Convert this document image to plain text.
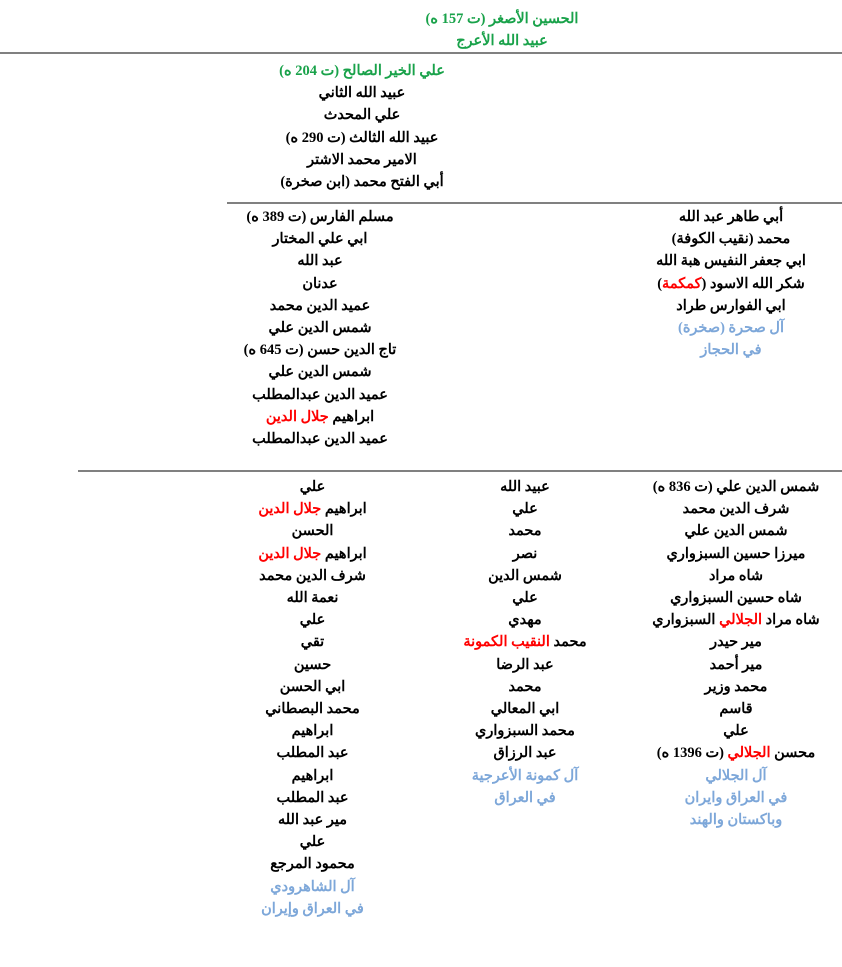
الحسين الأصغر (ت 157 ه)
عبيد الله الأعرج
علي الخير الصالح (ت 204 ه)
عبيد الله الثاني
علي المحدث
عبيد الله الثالث (ت 290 ه)
الامير محمد الاشتر
أبي الفتح محمد (ابن صخرة)
أبي طاهر عبد الله
محمد (نقيب الكوفة)
ابي جعفر النفيس هبة الله
شكر الله الاسود (كمكمة)
ابي الفوارس طراد
آل صحرة (صخرة)
في الحجاز
مسلم الفارس (ت 389 ه)
ابي علي المختار
عبد الله
عدنان
عميد الدين محمد
شمس الدين علي
تاج الدين حسن (ت 645 ه)
شمس الدين علي
عميد الدين عبدالمطلب
ابراهيم جلال الدين
عميد الدين عبدالمطلب
شمس الدين علي (ت 836 ه)
شرف الدين محمد
شمس الدين علي
ميرزا حسين السبزواري
شاه مراد
شاه حسين السبزواري
شاه مراد الجلالي السبزواري
مير حيدر
مير أحمد
محمد وزير
قاسم
علي
محسن الجلالي (ت 1396 ه)
آل الجلالي
في العراق وايران
وباكستان والهند
عبيد الله
علي
محمد
نصر
شمس الدين
علي
مهدي
محمد النقيب الكمونة
عبد الرضا
محمد
ابي المعالي
محمد السبزواري
عبد الرزاق
آل كمونة الأعرجية
في العراق
علي
ابراهيم جلال الدين
الحسن
ابراهيم جلال الدين
شرف الدين محمد
نعمة الله
علي
تقي
حسين
ابي الحسن
محمد البصطاني
ابراهيم
عبد المطلب
ابراهيم
عبد المطلب
مير عبد الله
علي
محمود المرجع
آل الشاهرودي
في العراق وإيران
